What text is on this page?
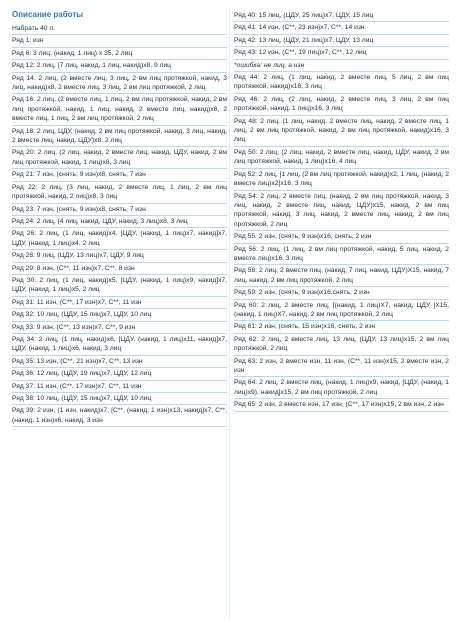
Описание работы

Набрать 40 п.

Ряд 1: изн

Ряд 6: 3 лиц, (накид, 1 лиц) х 35, 2 лиц

Ряд 12: 2 лиц, (7 лиц, накид, 1 лиц, накид)х8, 9 лиц

Ряд 14: 2 лиц, (2 вместе лиц, 3 лиц, 2 вм лиц протяжкой, накид, 3 лиц, накид)х8, 2 вместе лиц, 3 лиц, 2 вм лиц протяжкой, 2 лиц

Ряд 16: 2 лиц, (2 вместе лиц, 1 лиц, 2 вм лиц протяжкой, накид, 2 вм лиц протяжкой, накид, 1 лиц, накид, 2 вместе лиц, накид)х8, 2 вместе лиц, 1 лиц, 2 вм лиц протяжкой, 2 лиц

Ряд 18: 2 лиц, ЦДУ, (накид, 2 вм лиц протяжкой, накид, 3 лиц, накид, 2 вместе лиц, накид, ЦДУ)х8, 2 лиц

Ряд 20: 2 лиц, (2 лиц, накид, 2 вместе лиц, накид, ЦДУ, накид, 2 вм лиц протяжкой, накид, 1 лиц)х8, 3 лиц

Ряд 21: 7 изн, (снять, 9 изн)х8, снять, 7 изн

Ряд 22: 2 лиц, (3 лиц, накид, 2 вместе лиц, 1 лиц, 2 вм лиц протяжкой, накид, 2 лиц)х8, 3 лиц

Ряд 23: 7 изн, (снять, 9 изн)х8, снять, 7 изн

Ряд 24: 2 лиц, (4 лиц, накид, ЦДУ, накид, 3 лиц)х8, 3 лиц

Ряд 26: 2 лиц, (1 лиц, накид)х4, [ЦДУ, (накид, 1 лиц)х7, накид]х7, ЦДУ, (накид, 1 лиц)х4, 2 лиц

Ряд 28: 9 лиц, (ЦДУ, 13 лиц)х7, ЦДУ, 9 лиц

Ряд 29: 8 изн, (С**, 11 изн)х7, С**, 8 изн

Ряд 30: 2 лиц, (1 лиц, накид)х5, [ЦДУ, (накид, 1 лиц)х9, накид]х7, ЦДУ, (накид, 1 лиц)х5, 2 лиц

Ряд 31: 11 изн, (С**, 17 изн)х7, С**, 11 изн

Ряд 32: 10 лиц, (ЦДУ, 15 лиц)х7, ЦДУ, 10 лиц

Ряд 33: 9 изн, (С**, 13 изн)х7, С**, 9 изн

Ряд 34: 2 лиц, (1 лиц, накид)х6, [ЦДУ, (накид, 1 лиц)х11, накид]х7, ЦДУ, (накид, 1 лиц)х6, накид, 3 лиц

Ряд 35: 13 изн, (С**, 21 изн)х7, С**, 13 изн

Ряд 36: 12 лиц, (ЦДУ, 19 лиц)х7, ЦДУ, 12 лиц

Ряд 37: 11 изн, (С**, 17 изн)х7, С**, 11 изн

Ряд 38: 10 лиц, (ЦДУ, 15 лиц)х7, ЦДУ, 10 лиц

Ряд 39: 2 изн, (1 изн, накид)х7, [С**, (накид, 1 изн)х13, накид]х7, С**, (накид, 1 изн)х6, накид, 3 изн

Ряд 40: 15 лиц, (ЦДУ, 25 лиц)х7, ЦДУ, 15 лиц

Ряд 41: 14 изн, (С**, 23 изн)х7, С**, 14 изн

Ряд 42: 13 лиц, (ЦДУ, 21 лиц)х7, ЦДУ, 13 лиц

Ряд 43: 12 изн, (С**, 19 лиц)х7, С**, 12 лиц

*ошибка: не лиц, а изн

Ряд 44: 2 лиц, (1 лиц, накид, 2 вместе лиц, 5 лиц, 2 вм лиц протяжкой, накид)х16, 3 лиц

Ряд 46: 2 лиц, (2 лиц, накид, 2 вместе лиц, 3 лиц, 2 вм лиц протяжкой, накид, 1 лиц)х16, 3 лиц

Ряд 48: 2 лиц, (1 лиц, накид, 2 вместе лиц, накид, 2 вместе лиц, 1 лиц, 2 вм лиц протяжкой, накид, 2 вм лиц протяжкой, накид)х16, 3 лиц

Ряд 50: 2 лиц, (2 лиц, накид, 2 вместе лиц, накид, ЦДУ, накид, 2 вм лиц протяжкой, накид, 1 лиц)х16, 4 лиц

Ряд 52: 2 лиц, [1 лиц, (2 вм лиц протяжкой, накид)х2, 1 лиц, (накид, 2 вместе лиц)х2]х16, 3 лиц

Ряд 54: 2 лиц, 2 вместе лиц, (накид, 2 вм лиц протяжкой, накид, 3 лиц, накид, 2 вместе лиц, накид, ЦДУ)х15, накид, 2 вм лиц протяжкой, накид, 3 лиц, накид, 2 вместе лиц, накид, 2 вм лиц протяжкой, 2 лиц

Ряд 55: 2 изн, (снять, 9 изн)х16, снять, 2 изн

Ряд 56: 2 лиц, (1 лиц, 2 вм лиц протяжкой, накид, 5 лиц, накид, 2 вместе лиц)х16, 3 лиц

Ряд 58: 2 лиц, 2 вместе лиц, (накид, 7 лиц, накид, ЦДУ)Х15, накид, 7 лиц, накид, 2 вм лиц протяжкой, 2 лиц

Ряд 59: 2 изн, (снять, 9 изн)х16,снять, 2 изн

Ряд 60: 2 лиц, 2 вместе лиц, [(накид, 1 лиц)Х7, накид, ЦДУ ]Х15, (накид, 1 лиц)Х7, накид, 2 вм лиц протяжкой, 2 лиц

Ряд 61: 2 изн, (снять, 15 изн)х16, снять, 2 изн

Ряд 62: 2 лиц, 2 вместе лиц, 13 лиц, (ЦДУ, 13 лиц)х15, 2 вм лиц протяжкой, 2 лиц

Ряд 63: 2 изн, 2 вместе изн, 11 изн, (С**, 11 изн)х15, 2 вместе изн, 2 изн

Ряд 64: 2 лиц, 2 вместе лиц, (накид, 1 лиц)х9, накид, [ЦДУ, (накид, 1 лиц)х9), накид]х15, 2 вм лиц протяжкой, 2 лиц

Ряд 65: 2 изн, 2 вместе изн, 17 изн, (С**, 17 изн)х15, 2 вм изн, 2 изн
